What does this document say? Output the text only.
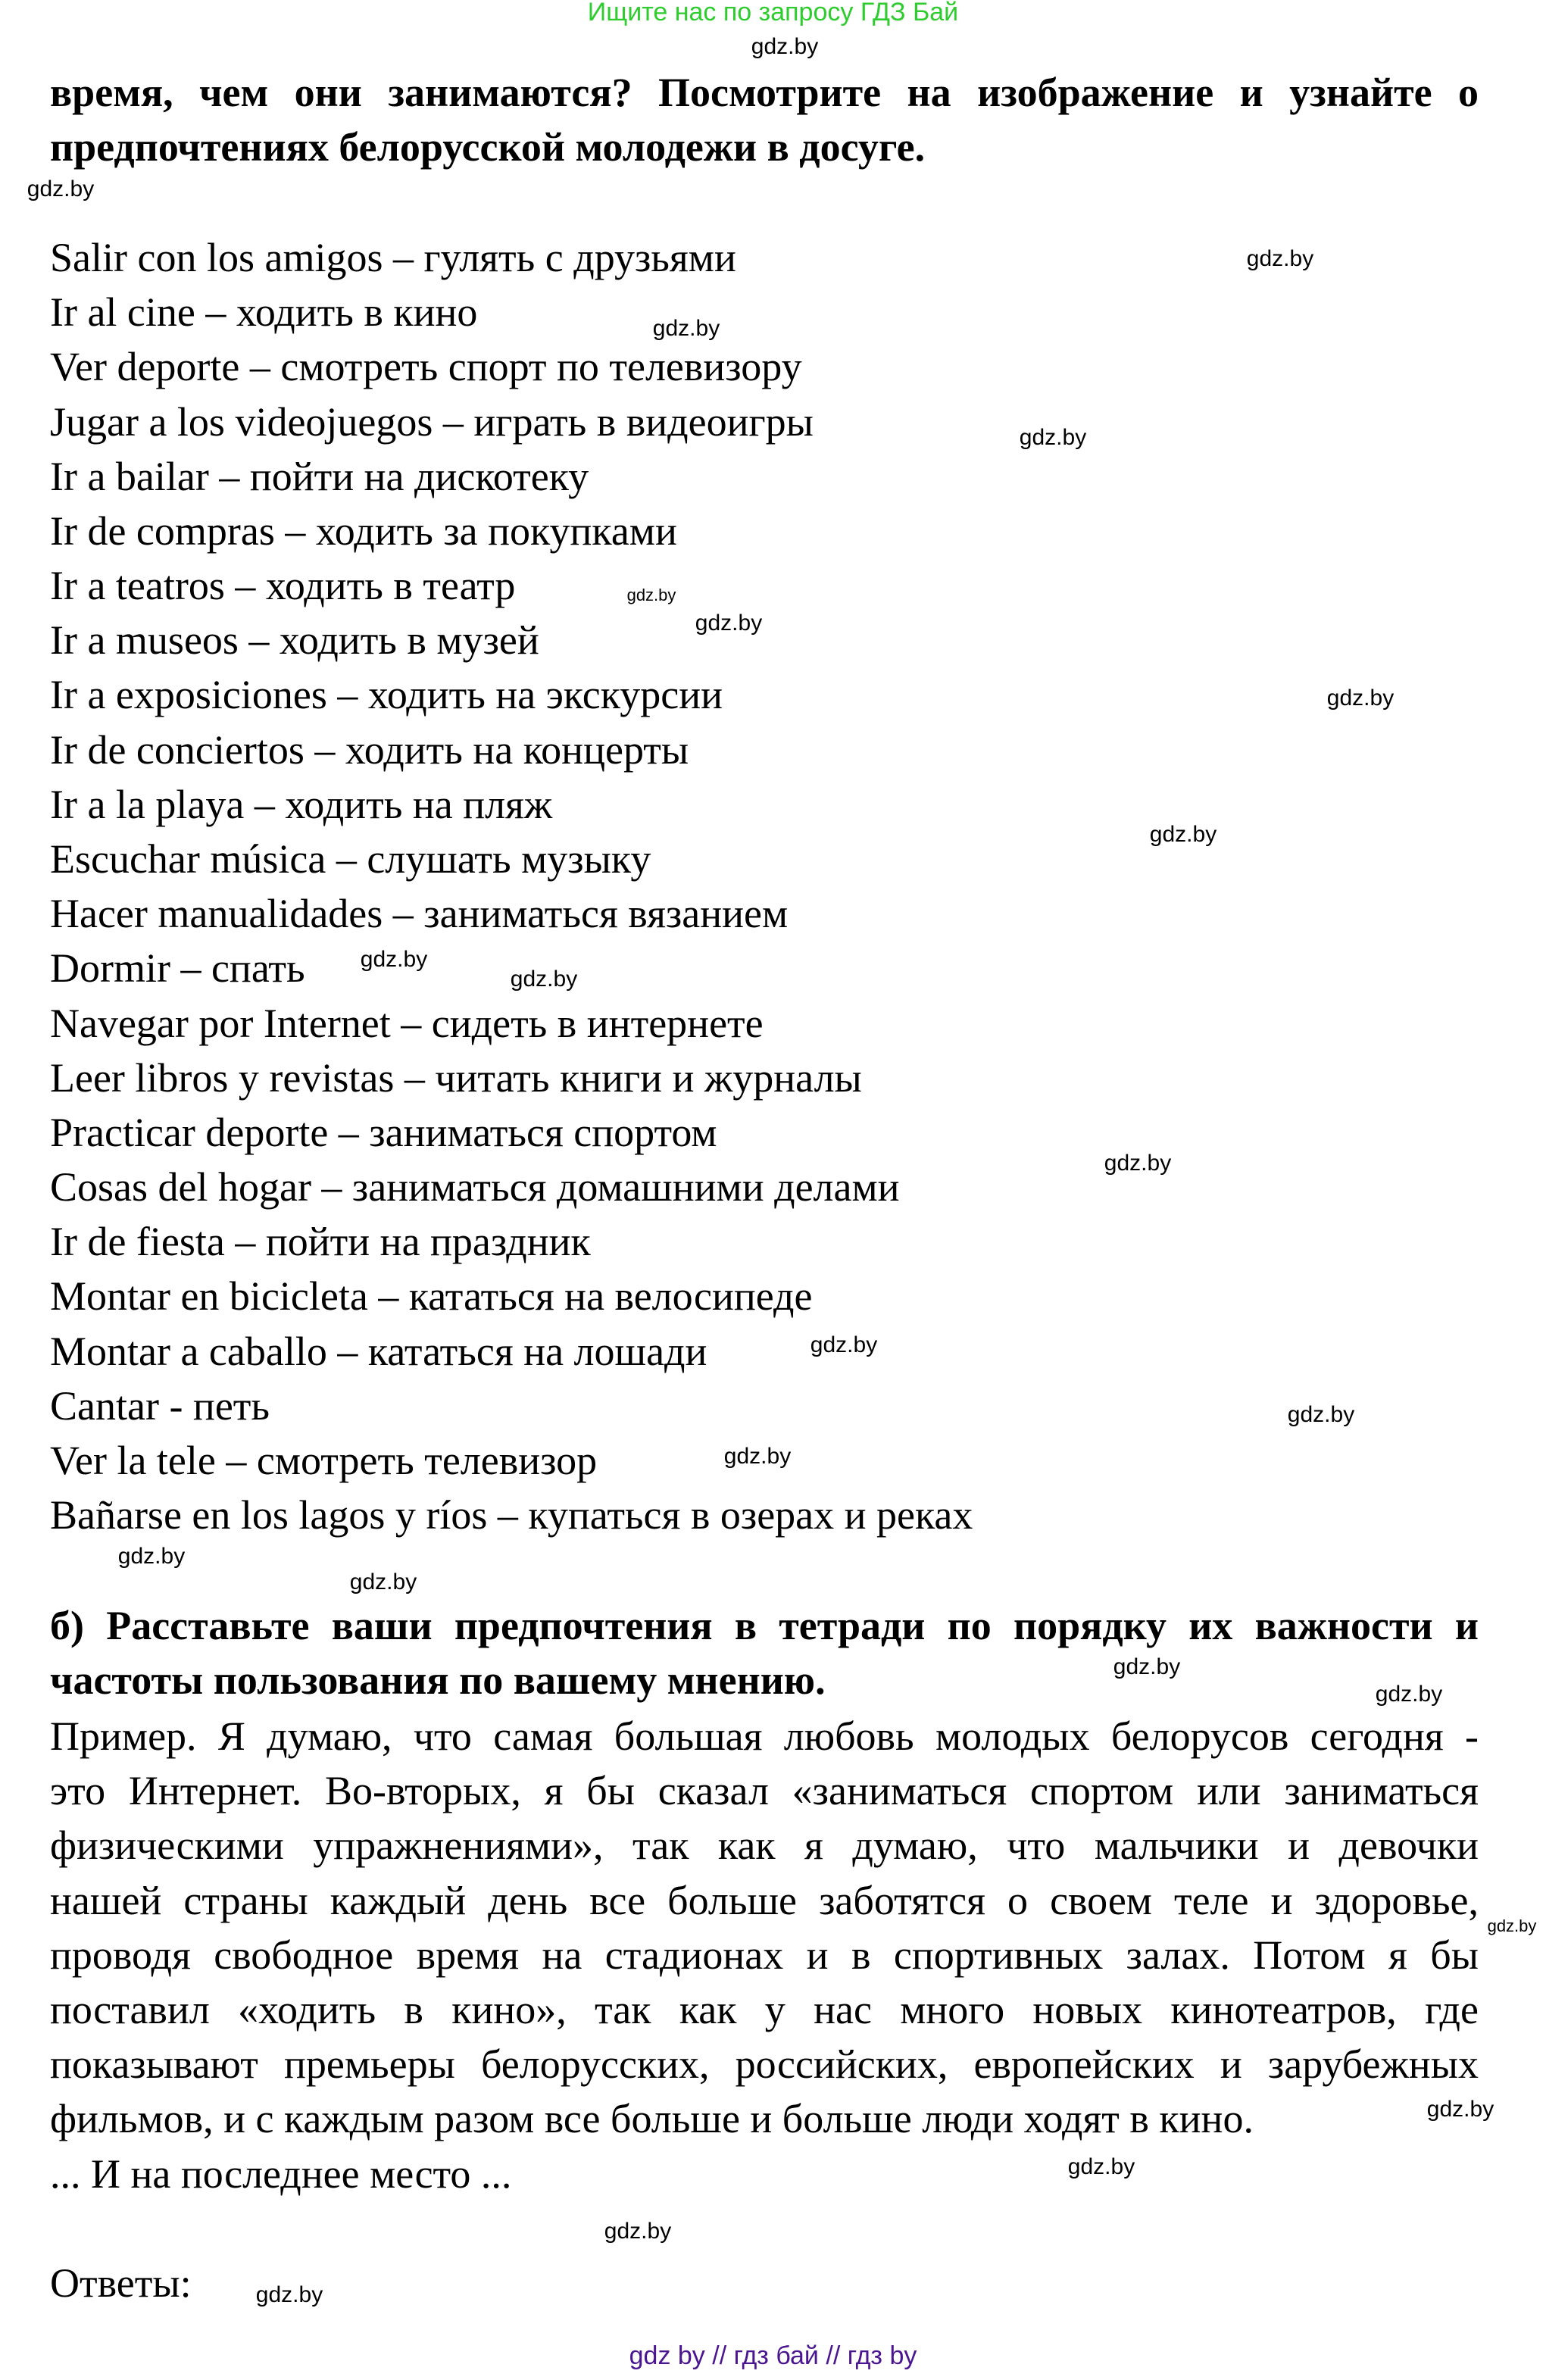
Ищите нас по запросу ГДЗ Бай
время, чем они занимаются? Посмотрите на изображение и узнайте о
предпочтениях белорусской молодежи в досуге.
Salir con los amigos – гулять с друзьями
Ir al cine – ходить в кино
Ver deporte – смотреть спорт по телевизору
Jugar a los videojuegos – играть в видеоигры
Ir a bailar – пойти на дискотеку
Ir de compras – ходить за покупками
Ir a teatros – ходить в театр
Ir a museos – ходить в музей
Ir a exposiciones – ходить на экскурсии
Ir de conciertos – ходить на концерты
Ir a la playa – ходить на пляж
Escuchar música – слушать музыку
Hacer manualidades – заниматься вязанием
Dormir – спать
Navegar por Internet – сидеть в интернете
Leer libros y revistas – читать книги и журналы
Practicar deporte – заниматься спортом
Cosas del hogar – заниматься домашними делами
Ir de fiesta – пойти на праздник
Montar en bicicleta – кататься на велосипеде
Montar a caballo – кататься на лошади
Cantar - петь
Ver la tele – смотреть телевизор
Bañarse en los lagos y ríos – купаться в озерах и реках
б) Расставьте ваши предпочтения в тетради по порядку их важности и
частоты пользования по вашему мнению.
Пример. Я думаю, что самая большая любовь молодых белорусов сегодня -
это Интернет. Во-вторых, я бы сказал «заниматься спортом или заниматься
физическими упражнениями», так как я думаю, что мальчики и девочки
нашей страны каждый день все больше заботятся о своем теле и здоровье,
проводя свободное время на стадионах и в спортивных залах. Потом я бы
поставил «ходить в кино», так как у нас много новых кинотеатров, где
показывают премьеры белорусских, российских, европейских и зарубежных
фильмов, и с каждым разом все больше и больше люди ходят в кино.
... И на последнее место ...
Ответы:
gdz.by
gdz.by
gdz.by
gdz.by
gdz.by
gdz.by
gdz.by
gdz.by
gdz.by
gdz.by
gdz.by
gdz.by
gdz.by
gdz.by
gdz.by
gdz.by
gdz.by
gdz.by
gdz.by
gdz.by
gdz.by
gdz.by
gdz.by
gdz.by
gdz by // гдз бай // гдз by
